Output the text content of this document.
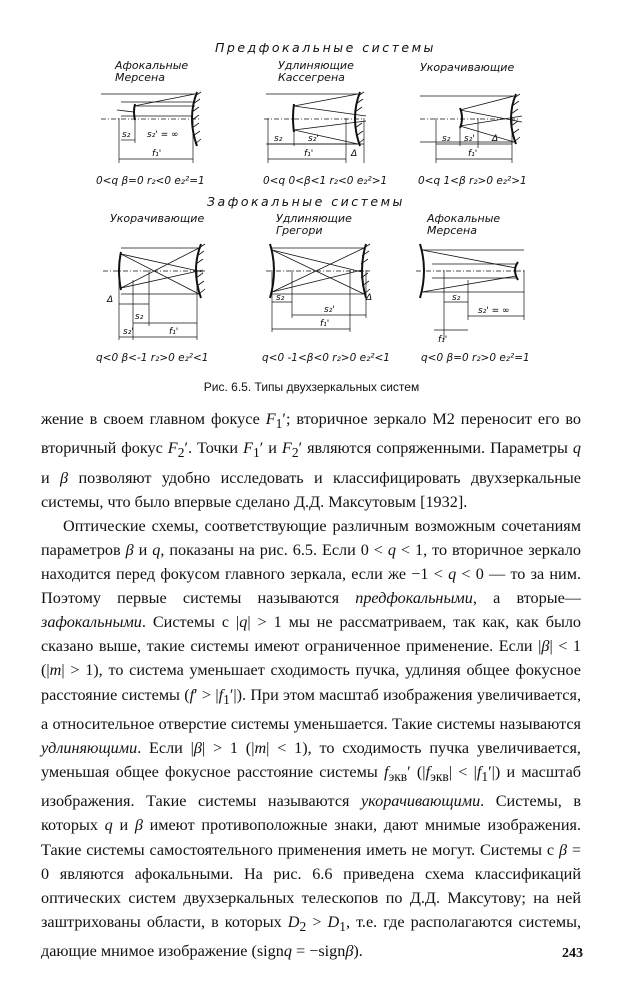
Предфокальные системы
Зафокальные системы
Афокальные
Мерсена
Удлиняющие
Кассегрена
Укорачивающие
Укорачивающие	Удлиняющие
Грегори
Афокальные
Мерсена
s₂ s₂' = ∞
f₁'
s₂	s₂'
f₁'	Δ
s₂ s₂'
f₁'
Δ
Δ
s₂
f₁'
s₂'
s₂
s₂'
f₁'
Δ	s₂
s₂' = ∞
f₁'
0<q β=0 r₂<0 e₂²=1	0<q 0<β<1 r₂<0 e₂²>1	0<q 1<β r₂>0 e₂²>1
q<0 β<-1 r₂>0 e₂²<1	q<0 -1<β<0 r₂>0 e₂²<1	q<0 β=0 r₂>0 e₂²=1
Рис. 6.5. Типы двухзеркальных систем

жение в своем главном фокусе $F_1'$; вторичное зеркало М2 переносит его во вторичный фокус $F_2'$. Точки $F_1'$ и $F_2'$ являются сопряженными. Параметры q и β позволяют удобно исследовать и классифицировать двухзеркальные системы, что было впервые сделано Д.Д. Максутовым [1932].

Оптические схемы, соответствующие различным возможным сочетаниям параметров β и q, показаны на рис. 6.5. Если 0 < q < 1, то вторичное зеркало находится перед фокусом главного зеркала, если же −1 < q < 0 — то за ним. Поэтому первые системы называются предфокальными, а вторые—зафокальными. Системы с |q| > 1 мы не рассматриваем, так как, как было сказано выше, такие системы имеют ограниченное применение. Если |β| < 1 (|m| > 1), то система уменьшает сходимость пучка, удлиняя общее фокусное расстояние системы $(f' > |f_1'|)$. При этом масштаб изображения увеличивается, а относительное отверстие системы уменьшается. Такие системы называются удлиняющими. Если |β| > 1 (|m| < 1), то сходимость пучка увеличивается, уменьшая общее фокусное расстояние системы $f_{экв}'$ $(|f_{экв}| < |f_1'|)$ и масштаб изображения. Такие системы называются укорачивающими. Системы, в которых q и β имеют противоположные знаки, дают мнимые изображения. Такие системы самостоятельного применения иметь не могут. Системы с β = 0 являются афокальными. На рис. 6.6 приведена схема классификаций оптических систем двухзеркальных телескопов по Д.Д. Максутову; на ней заштрихованы области, в которых $D_2 > D_1$, т.е. где располагаются системы, дающие мнимое изображение (signq = −signβ).	243
